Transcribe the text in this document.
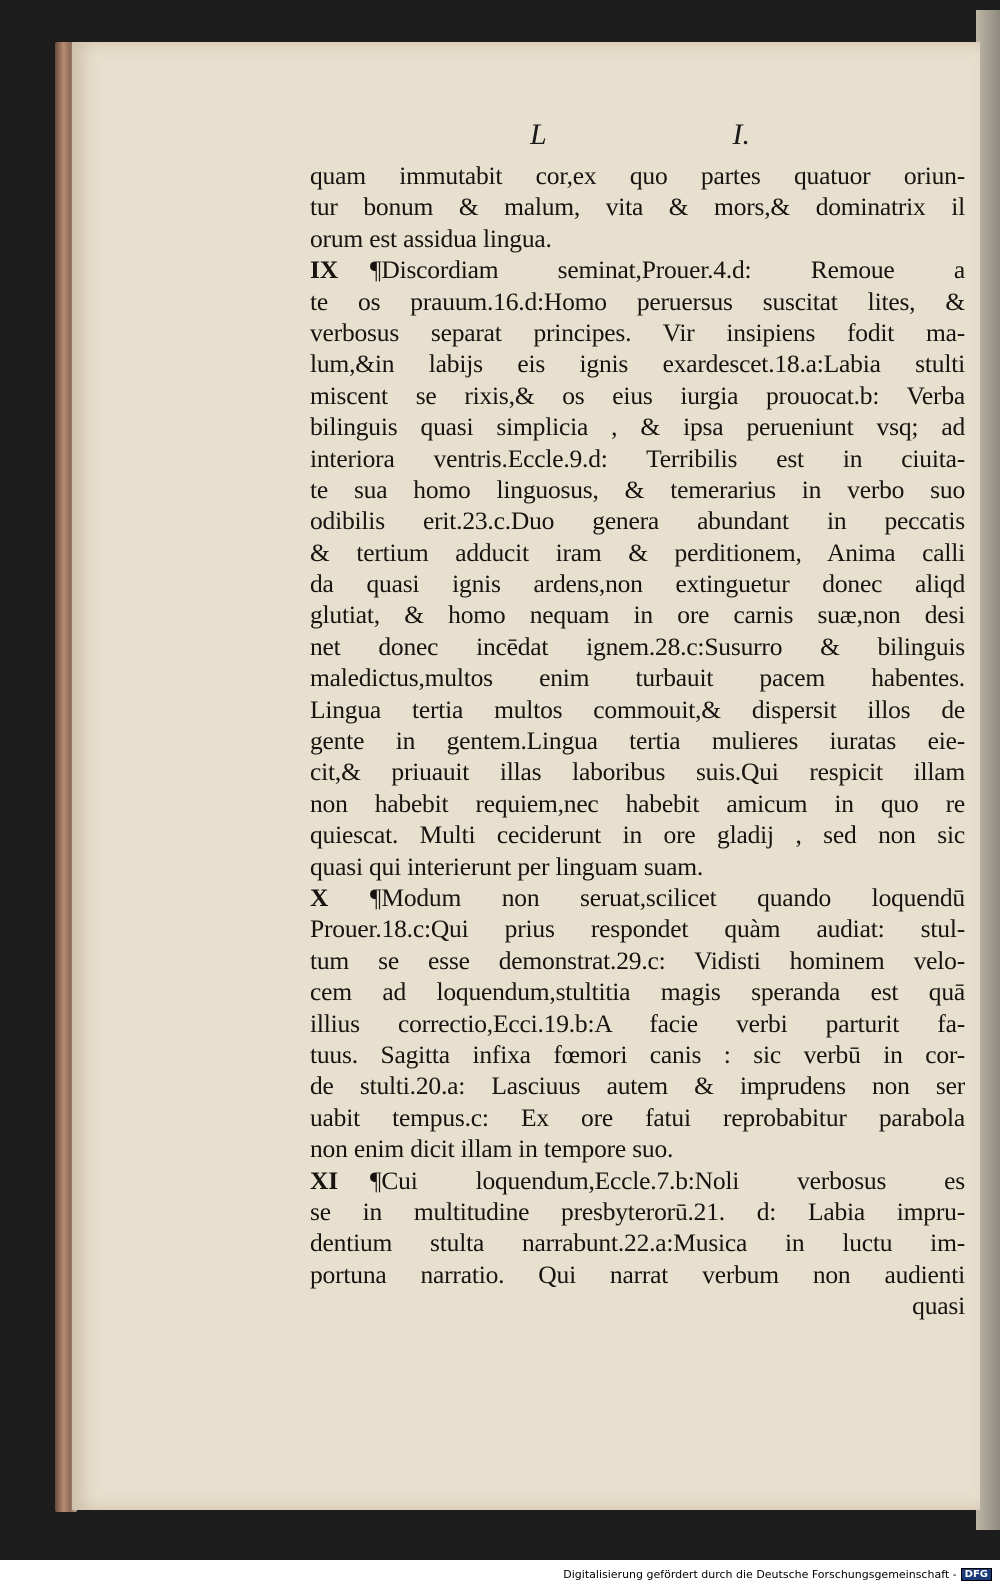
L	I.
quam immutabit cor,ex quo partes quatuor oriun-
tur bonum & malum, vita & mors,& dominatrix il
orum est assidua lingua.
IX	¶Discordiam seminat,Prouer.4.d: Remoue a
te os prauum.16.d:Homo peruersus suscitat lites, &
verbosus separat principes. Vir insipiens fodit ma-
lum,&in labijs eis ignis exardescet.18.a:Labia stulti
miscent se rixis,& os eius iurgia prouocat.b: Verba
bilinguis quasi simplicia , & ipsa perueniunt vsq; ad
interiora ventris.Eccle.9.d: Terribilis est in ciuita-
te sua homo linguosus, & temerarius in verbo suo
odibilis erit.23.c.Duo genera abundant in peccatis
& tertium adducit iram & perditionem, Anima calli
da quasi ignis ardens,non extinguetur donec aliqd
glutiat, & homo nequam in ore carnis suæ,non desi
net donec incēdat ignem.28.c:Susurro & bilinguis
maledictus,multos enim turbauit pacem habentes.
Lingua tertia multos commouit,& dispersit illos de
gente in gentem.Lingua tertia mulieres iuratas eie-
cit,& priuauit illas laboribus suis.Qui respicit illam
non habebit requiem,nec habebit amicum in quo re
quiescat. Multi ceciderunt in ore gladij , sed non sic
quasi qui interierunt per linguam suam.
X	¶Modum non seruat,scilicet quando loquendū
Prouer.18.c:Qui prius respondet quàm audiat: stul-
tum se esse demonstrat.29.c: Vidisti hominem velo-
cem ad loquendum,stultitia magis speranda est quā
illius correctio,Ecci.19.b:A facie verbi parturit fa-
tuus. Sagitta infixa fœmori canis : sic verbū in cor-
de stulti.20.a: Lasciuus autem & imprudens non ser
uabit tempus.c: Ex ore fatui reprobabitur parabola
non enim dicit illam in tempore suo.
XI	¶Cui loquendum,Eccle.7.b:Noli verbosus es
se in multitudine presbyterorū.21. d: Labia impru-
dentium stulta narrabunt.22.a:Musica in luctu im-
portuna narratio. Qui narrat verbum non audienti
quasi
Digitalisierung gefördert durch die Deutsche Forschungsgemeinschaft - DFG
